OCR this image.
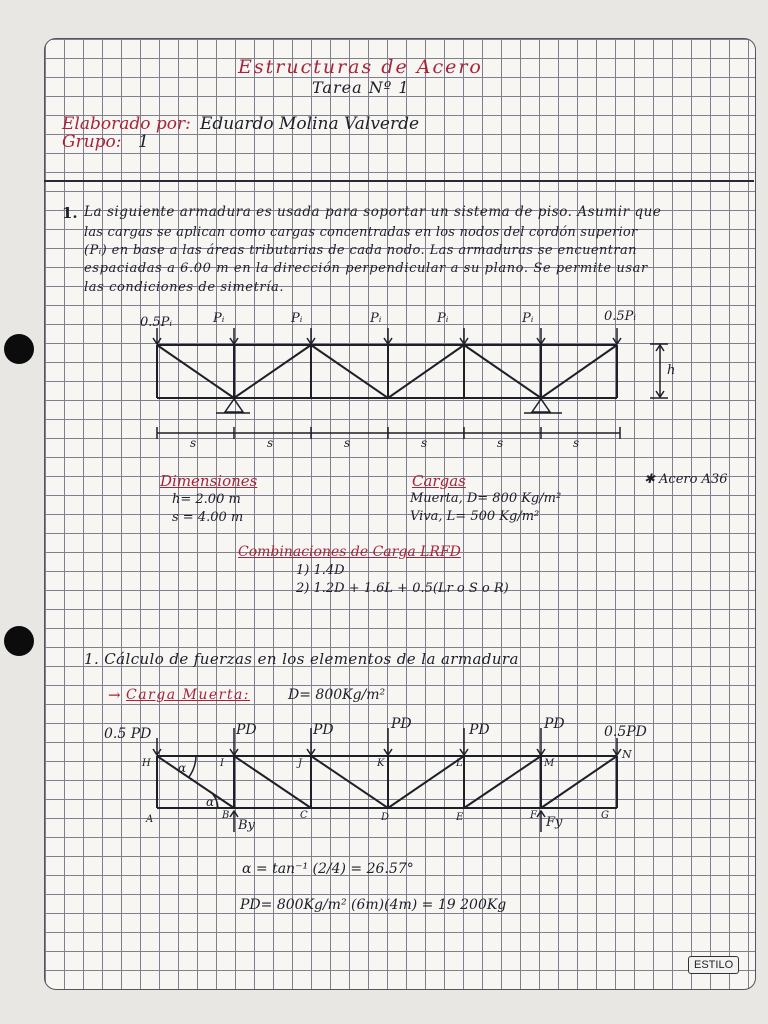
Estructuras de Acero
Tarea Nº 1
Elaborado por: Eduardo Molina Valverde
Grupo: 1
1. La siguiente armadura es usada para soportar un sistema de piso. Asumir que
las cargas se aplican como cargas concentradas en los nodos del cordón superior
(Pᵢ) en base a las áreas tributarias de cada nodo. Las armaduras se encuentran
espaciadas a 6.00 m en la dirección perpendicular a su plano. Se permite usar
las condiciones de simetría.
0.5Pᵢ	Pᵢ	Pᵢ	Pᵢ	Pᵢ	Pᵢ	0.5Pᵢ
h
s	s	s	s	s	s
Dimensiones
h= 2.00 m
s = 4.00 m
Cargas
Muerta, D= 800 Kg/m²
Viva, L= 500 Kg/m²
✱ Acero A36
Combinaciones de Carga LRFD
1) 1.4D
2) 1.2D + 1.6L + 0.5(Lr o S o R)
1. Cálculo de fuerzas en los elementos de la armadura
→ Carga Muerta:	D= 800Kg/m²
0.5 PD	PD	PD	PD	PD	PD	0.5PD
H	I	J	K	L	M
N
A	B	C	D	E	F	G
α
α
By	Fy
α = tan⁻¹ (2/4) = 26.57°
PD= 800Kg/m² (6m)(4m) = 19 200Kg
ESTILO
